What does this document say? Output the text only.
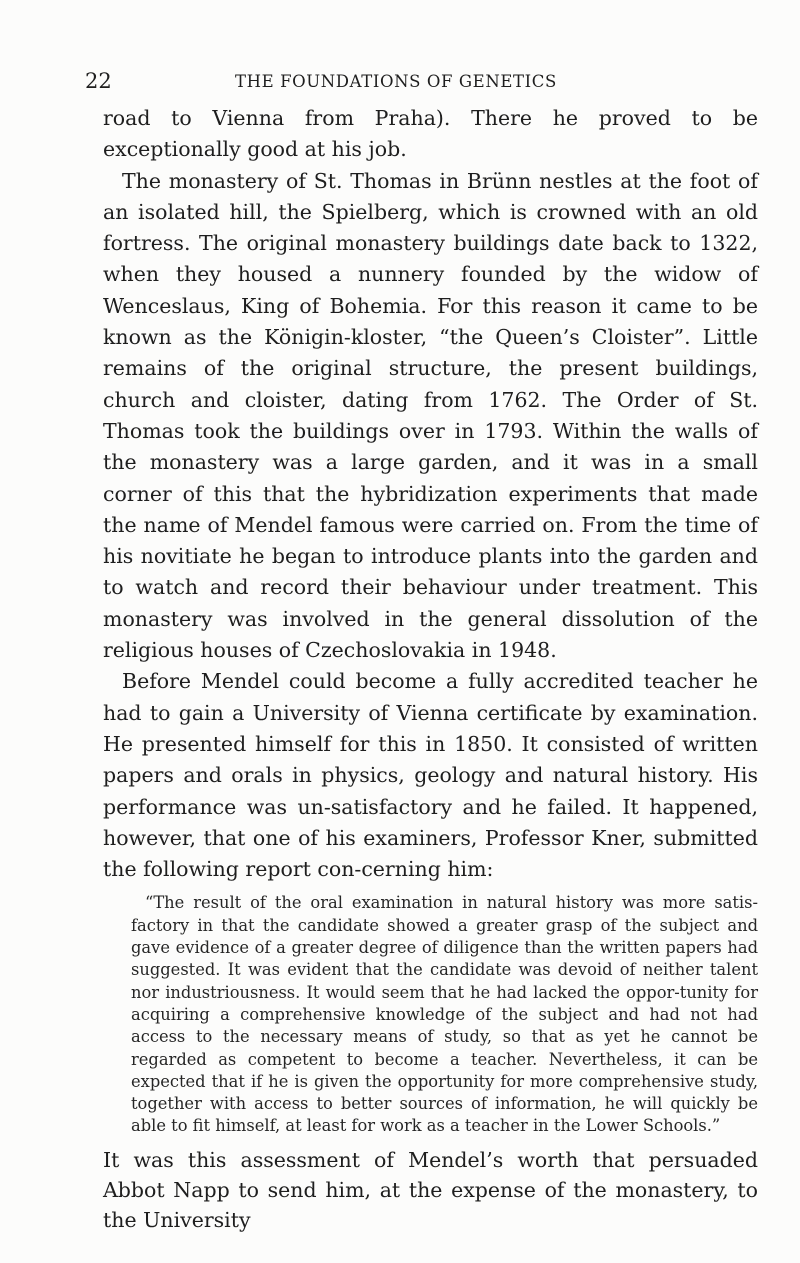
22	THE FOUNDATIONS OF GENETICS

road to Vienna from Praha). There he proved to be exceptionally good at his job.

The monastery of St. Thomas in Brünn nestles at the foot of an isolated hill, the Spielberg, which is crowned with an old fortress. The original monastery buildings date back to 1322, when they housed a nunnery founded by the widow of Wenceslaus, King of Bohemia. For this reason it came to be known as the Königin-kloster, “the Queen’s Cloister”. Little remains of the original structure, the present buildings, church and cloister, dating from 1762. The Order of St. Thomas took the buildings over in 1793. Within the walls of the monastery was a large garden, and it was in a small corner of this that the hybridization experiments that made the name of Mendel famous were carried on. From the time of his novitiate he began to introduce plants into the garden and to watch and record their behaviour under treatment. This monastery was involved in the general dissolution of the religious houses of Czechoslovakia in 1948.

Before Mendel could become a fully accredited teacher he had to gain a University of Vienna certificate by examination. He presented himself for this in 1850. It consisted of written papers and orals in physics, geology and natural history. His performance was un-satisfactory and he failed. It happened, however, that one of his examiners, Professor Kner, submitted the following report con-cerning him:

“The result of the oral examination in natural history was more satis-factory in that the candidate showed a greater grasp of the subject and gave evidence of a greater degree of diligence than the written papers had suggested. It was evident that the candidate was devoid of neither talent nor industriousness. It would seem that he had lacked the oppor-tunity for acquiring a comprehensive knowledge of the subject and had not had access to the necessary means of study, so that as yet he cannot be regarded as competent to become a teacher. Nevertheless, it can be expected that if he is given the opportunity for more comprehensive study, together with access to better sources of information, he will quickly be able to fit himself, at least for work as a teacher in the Lower Schools.”

It was this assessment of Mendel’s worth that persuaded Abbot Napp to send him, at the expense of the monastery, to the University
